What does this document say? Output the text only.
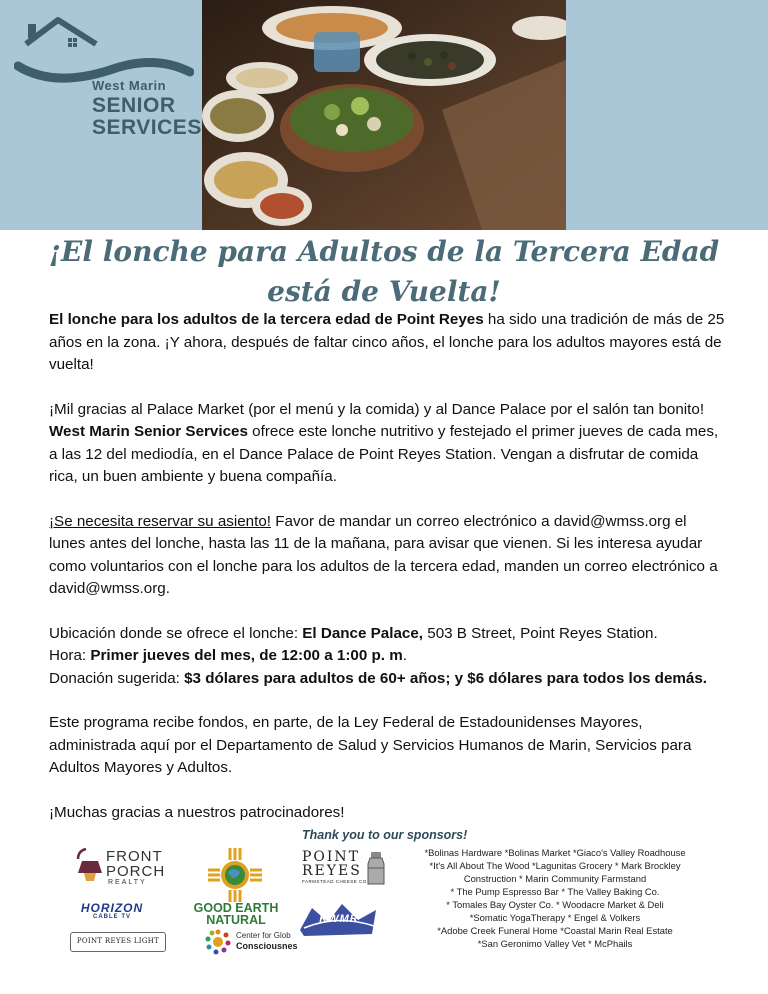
West Marin
SENIOR
SERVICES
¡El lonche para Adultos de la Tercera Edad
está de Vuelta!

El lonche para los adultos de la tercera edad de Point Reyes ha sido una tradición de más de 25 años en la zona. ¡Y ahora, después de faltar cinco años, el lonche para los adultos mayores está de vuelta!

¡Mil gracias al Palace Market (por el menú y la comida) y al Dance Palace por el salón tan bonito! West Marin Senior Services ofrece este lonche nutritivo y festejado el primer jueves de cada mes, a las 12 del mediodía, en el Dance Palace de Point Reyes Station. Vengan a disfrutar de comida rica, un buen ambiente y buena compañía.

¡Se necesita reservar su asiento! Favor de mandar un correo electrónico a david@wmss.org el lunes antes del lonche, hasta las 11 de la mañana, para avisar que vienen. Si les interesa ayudar como voluntarios con el lonche para los adultos de la tercera edad, manden un correo electrónico a david@wmss.org.

Ubicación donde se ofrece el lonche: El Dance Palace, 503 B Street, Point Reyes Station.

Hora: Primer jueves del mes, de 12:00 a 1:00 p. m.

Donación sugerida: $3 dólares para adultos de 60+ años; y $6 dólares para todos los demás.

Este programa recibe fondos, en parte, de la Ley Federal de Estadounidenses Mayores, administrada aquí por el Departamento de Salud y Servicios Humanos de Marin, Servicios para Adultos Mayores y Adultos.

¡Muchas gracias a nuestros patrocinadores!

Thank you to our sponsors!
*Bolinas Hardware *Bolinas Market *Giaco's Valley Roadhouse
*It's All About The Wood *Lagunitas Grocery * Mark Brockley
Construction * Marin Community Farmstand
* The Pump Espresso Bar * The Valley Baking Co.
* Tomales Bay Oyster Co. * Woodacre Market & Deli
*Somatic YogaTherapy * Engel & Volkers
*Adobe Creek Funeral Home *Coastal Marin Real Estate
*San Geronimo Valley Vet * McPhails
FRONT
PORCH
REALTY
GOOD EARTH
NATURAL
POINT
REYES
FARMSTEAD CHEESE CO
HORIZON
CABLE TV
POINT REYES LIGHT
Center for Glob
Consciousnes
KWMR
